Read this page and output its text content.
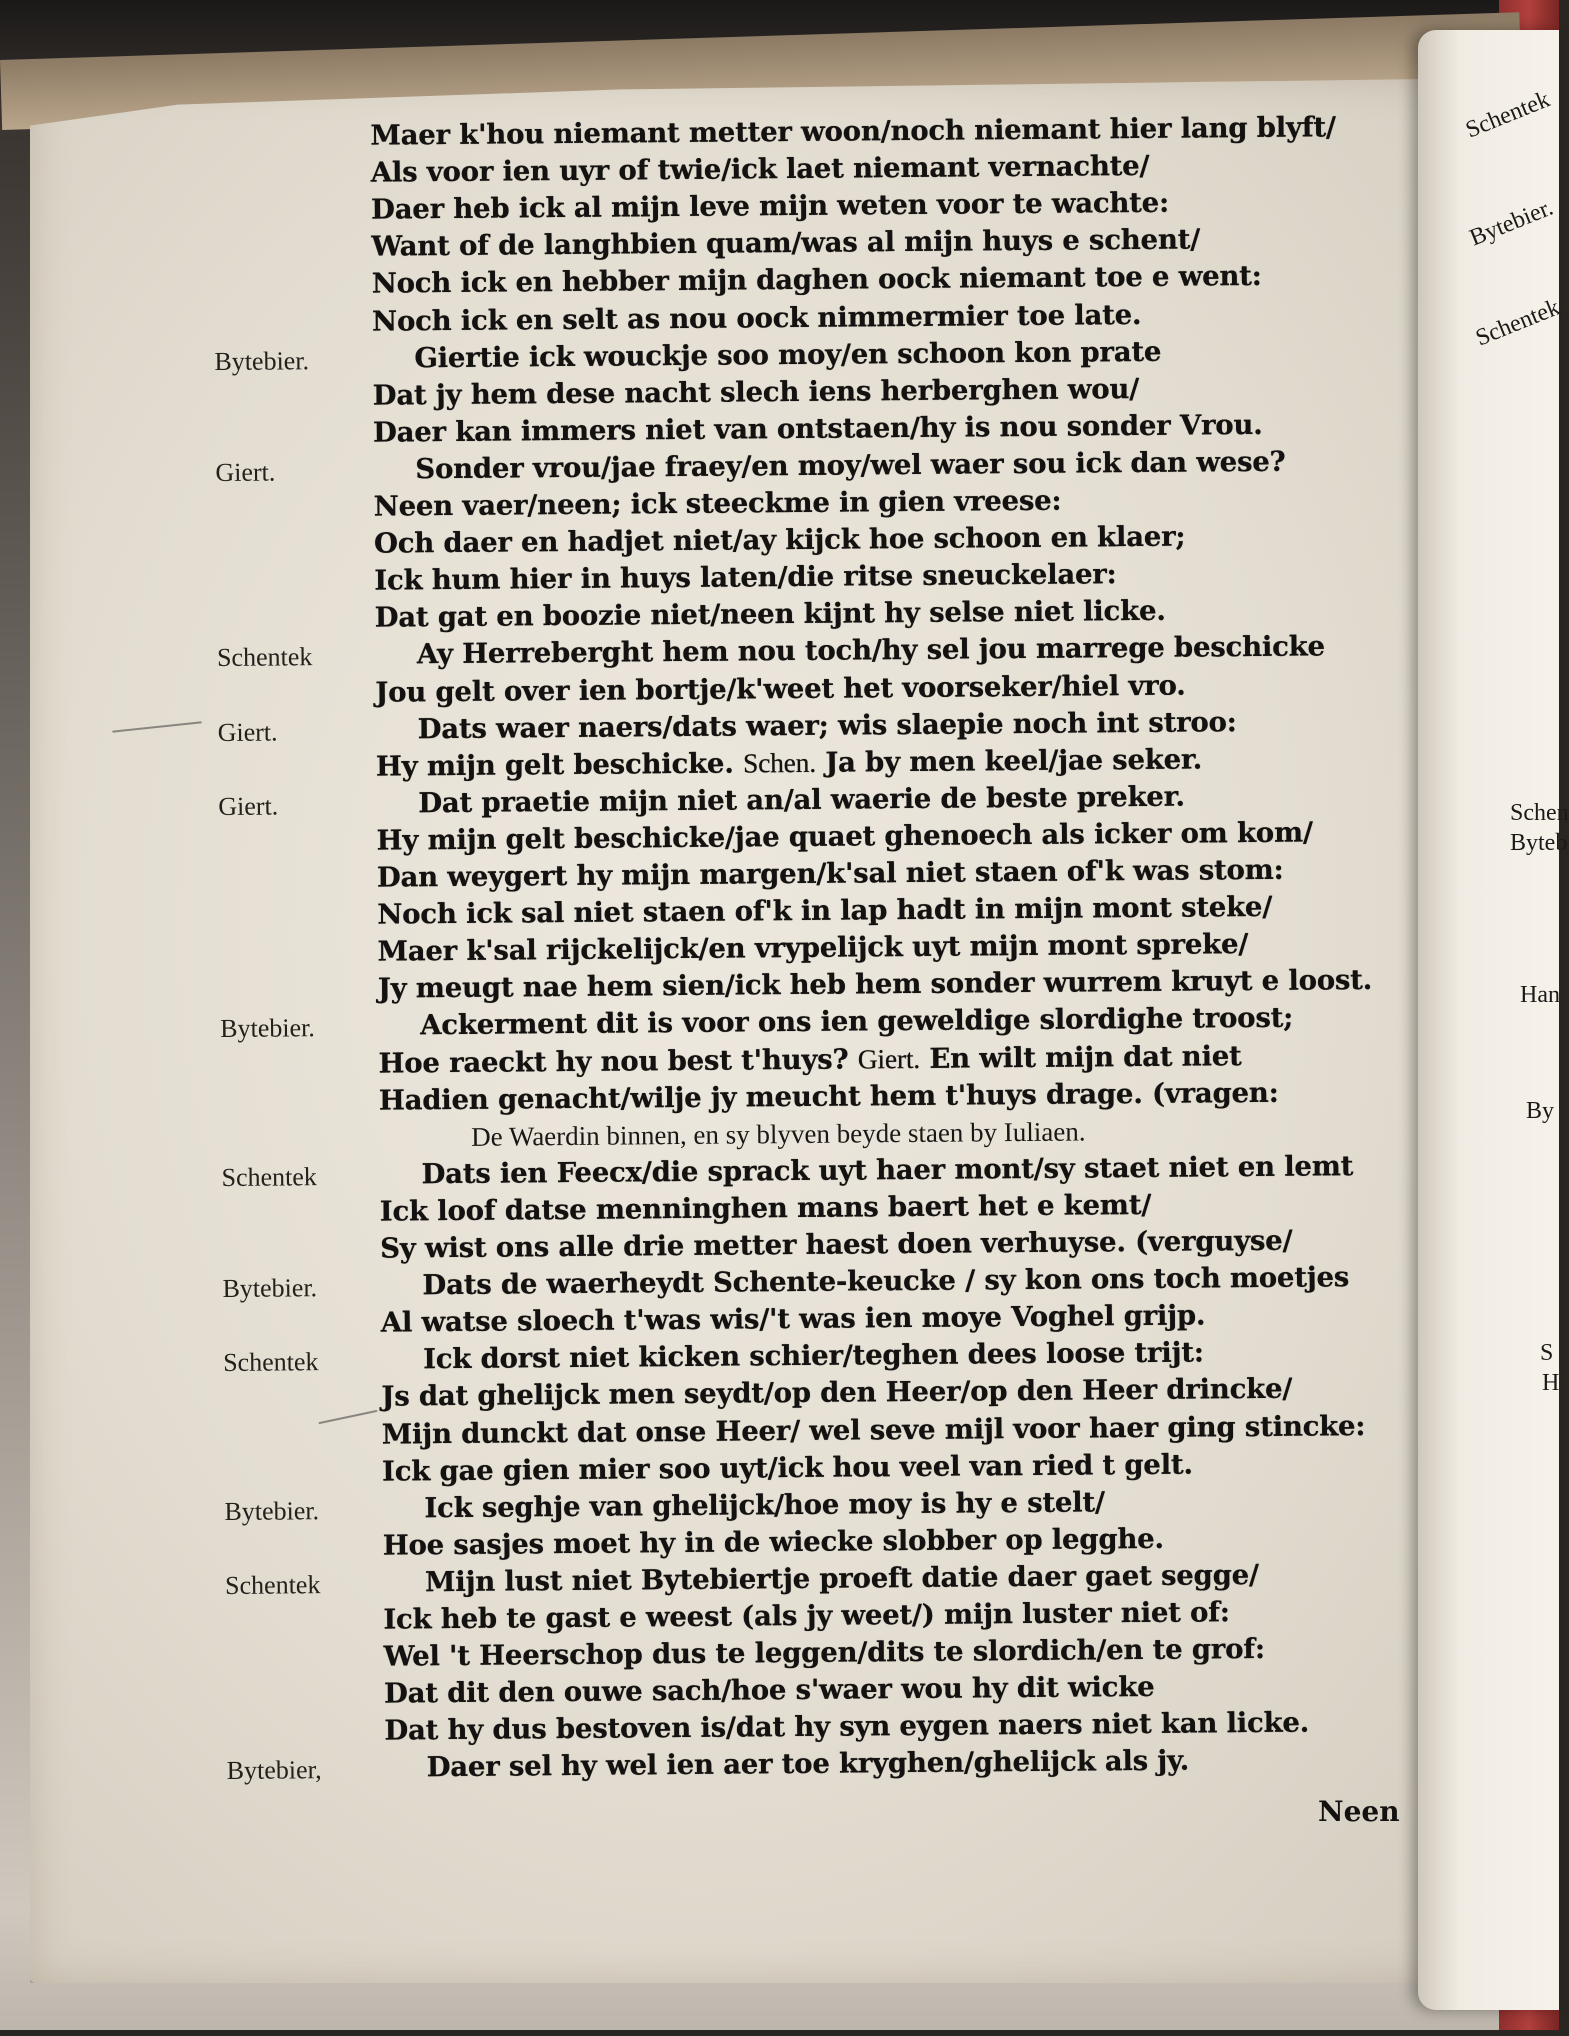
Schentek
Bytebier.
Schentek
Schen
Byteb
Han
By
S
H
Maer k'hou niemant metter woon/noch niemant hier lang blyft/
Als voor ien uyr of twie/ick laet niemant vernachte/
Daer heb ick al mijn leve mijn weten voor te wachte:
Want of de langhbien quam/was al mijn huys e schent/
Noch ick en hebber mijn daghen oock niemant toe e went:
Noch ick en selt as nou oock nimmermier toe late.
Bytebier.	Giertie ick wouckje soo moy/en schoon kon prate
Dat jy hem dese nacht slech iens herberghen wou/
Daer kan immers niet van ontstaen/hy is nou sonder Vrou.
Giert.	Sonder vrou/jae fraey/en moy/wel waer sou ick dan wese?
Neen vaer/neen; ick steeckme in gien vreese:
Och daer en hadjet niet/ay kijck hoe schoon en klaer;
Ick hum hier in huys laten/die ritse sneuckelaer:
Dat gat en boozie niet/neen kijnt hy selse niet licke.
Schentek	Ay Herreberght hem nou toch/hy sel jou marrege beschicke
Jou gelt over ien bortje/k'weet het voorseker/hiel vro.
Giert.	Dats waer naers/dats waer; wis slaepie noch int stroo:
Hy mijn gelt beschicke. Schen. Ja by men keel/jae seker.
Giert.	Dat praetie mijn niet an/al waerie de beste preker.
Hy mijn gelt beschicke/jae quaet ghenoech als icker om kom/
Dan weygert hy mijn margen/k'sal niet staen of'k was stom:
Noch ick sal niet staen of'k in lap hadt in mijn mont steke/
Maer k'sal rijckelijck/en vrypelijck uyt mijn mont spreke/
Jy meugt nae hem sien/ick heb hem sonder wurrem kruyt e loost.
Bytebier.	Ackerment dit is voor ons ien geweldige slordighe troost;
Hoe raeckt hy nou best t'huys? Giert. En wilt mijn dat niet
Hadien genacht/wilje jy meucht hem t'huys drage. (vragen:
De Waerdin binnen, en sy blyven beyde staen by Iuliaen.
Schentek	Dats ien Feecx/die sprack uyt haer mont/sy staet niet en lemt
Ick loof datse menninghen mans baert het e kemt/
Sy wist ons alle drie metter haest doen verhuyse. (verguyse/
Bytebier.	Dats de waerheydt Schente-keucke / sy kon ons toch moetjes
Al watse sloech t'was wis/'t was ien moye Voghel grijp.
Schentek	Ick dorst niet kicken schier/teghen dees loose trijt:
Js dat ghelijck men seydt/op den Heer/op den Heer drincke/
Mijn dunckt dat onse Heer/ wel seve mijl voor haer ging stincke:
Ick gae gien mier soo uyt/ick hou veel van ried t gelt.
Bytebier.	Ick seghje van ghelijck/hoe moy is hy e stelt/
Hoe sasjes moet hy in de wiecke slobber op legghe.
Schentek	Mijn lust niet Bytebiertje proeft datie daer gaet segge/
Ick heb te gast e weest (als jy weet/) mijn luster niet of:
Wel 't Heerschop dus te leggen/dits te slordich/en te grof:
Dat dit den ouwe sach/hoe s'waer wou hy dit wicke
Dat hy dus bestoven is/dat hy syn eygen naers niet kan licke.
Bytebier,	Daer sel hy wel ien aer toe kryghen/ghelijck als jy.
Neen
